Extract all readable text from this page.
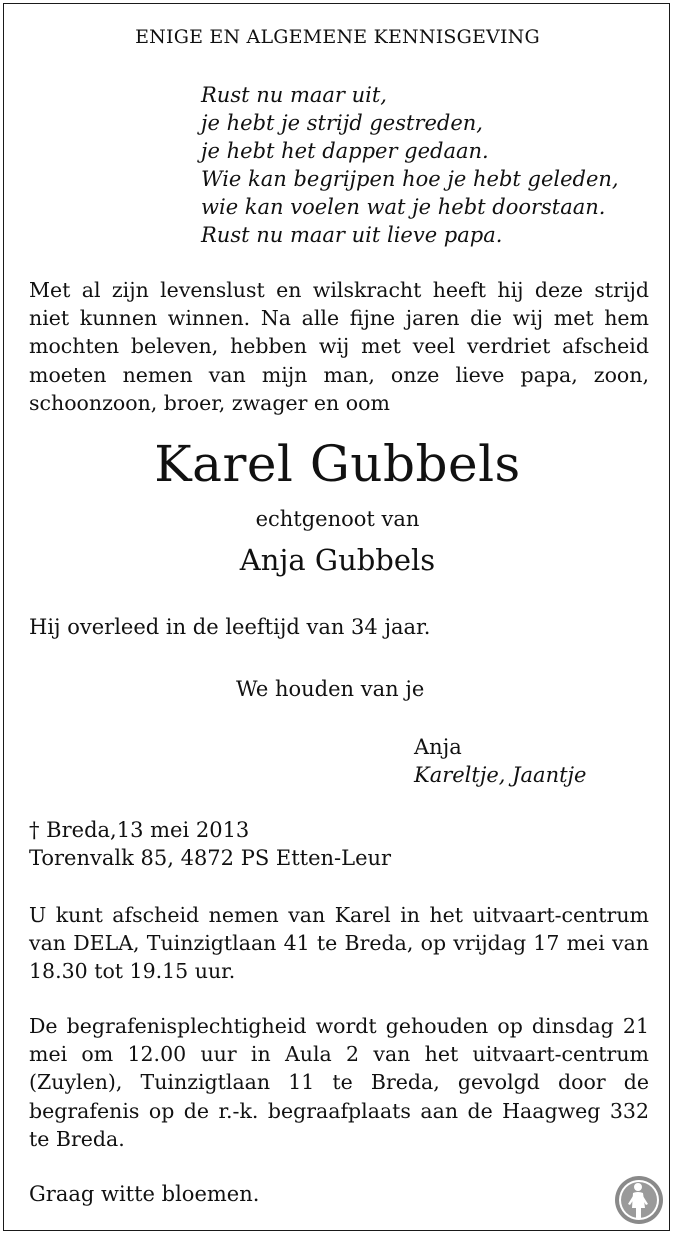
ENIGE EN ALGEMENE KENNISGEVING
Rust nu maar uit,
je hebt je strijd gestreden,
je hebt het dapper gedaan.
Wie kan begrijpen hoe je hebt geleden,
wie kan voelen wat je hebt doorstaan.
Rust nu maar uit lieve papa.
Met al zijn levenslust en wilskracht heeft hij deze strijd niet kunnen winnen. Na alle fijne jaren die wij met hem mochten beleven, hebben wij met veel verdriet afscheid moeten nemen van mijn man, onze lieve papa, zoon, schoonzoon, broer, zwager en oom
Karel Gubbels
echtgenoot van
Anja Gubbels
Hij overleed in de leeftijd van 34 jaar.
We houden van je
Anja
Kareltje, Jaantje
† Breda,13 mei 2013
Torenvalk 85, 4872 PS Etten-Leur
U kunt afscheid nemen van Karel in het uitvaart-centrum van DELA, Tuinzigtlaan 41 te Breda, op vrijdag 17 mei van 18.30 tot 19.15 uur.
De begrafenisplechtigheid wordt gehouden op dinsdag 21 mei om 12.00 uur in Aula 2 van het uitvaart-centrum (Zuylen), Tuinzigtlaan 11 te Breda, gevolgd door de begrafenis op de r.-k. begraafplaats aan de Haagweg 332 te Breda.
Graag witte bloemen.
